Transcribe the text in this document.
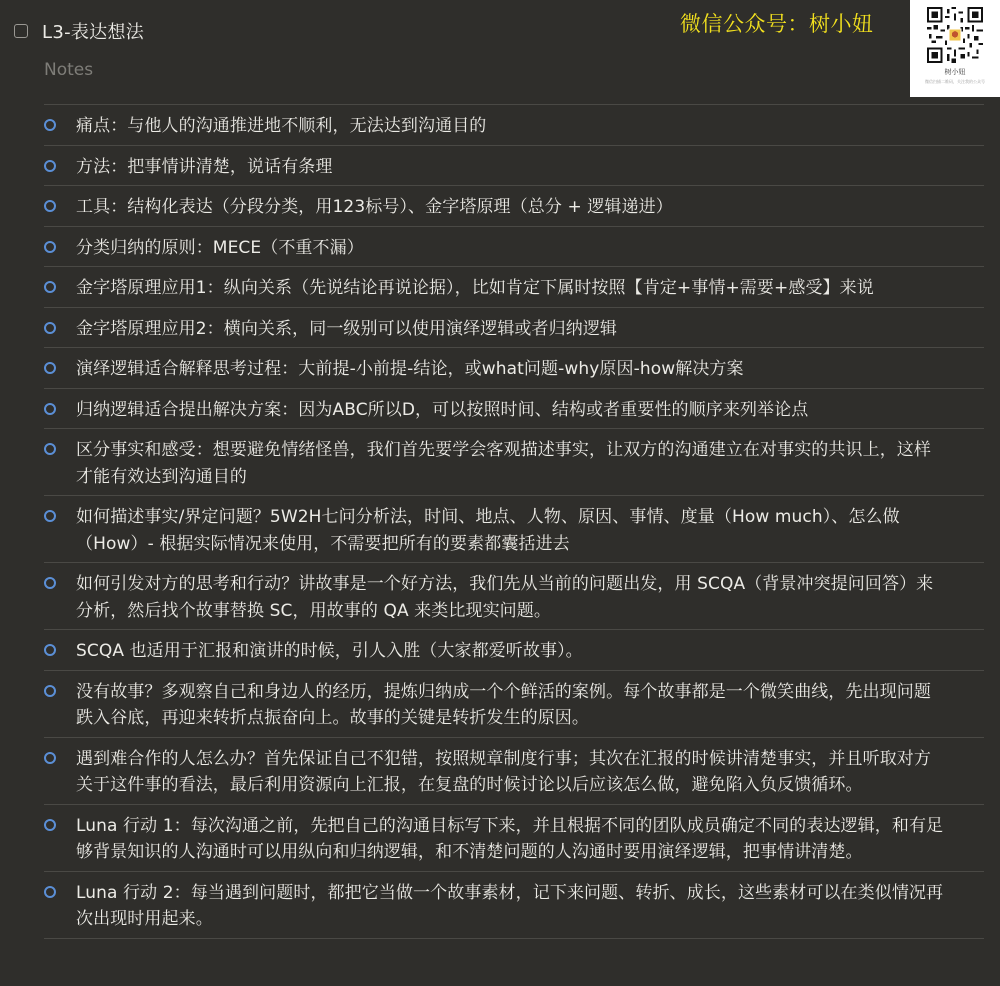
L3-表达想法
Notes
微信公众号：树小妞
树小妞
微信扫描二维码，关注我的公众号
痛点：与他人的沟通推进地不顺利，无法达到沟通目的
方法：把事情讲清楚，说话有条理
工具：结构化表达（分段分类，用123标号）、金字塔原理（总分 + 逻辑递进）
分类归纳的原则：MECE（不重不漏）
金字塔原理应用1：纵向关系（先说结论再说论据），比如肯定下属时按照【肯定+事情+需要+感受】来说
金字塔原理应用2：横向关系，同一级别可以使用演绎逻辑或者归纳逻辑
演绎逻辑适合解释思考过程：大前提-小前提-结论，或what问题-why原因-how解决方案
归纳逻辑适合提出解决方案：因为ABC所以D，可以按照时间、结构或者重要性的顺序来列举论点
区分事实和感受：想要避免情绪怪兽，我们首先要学会客观描述事实，让双方的沟通建立在对事实的共识上，这样才能有效达到沟通目的
如何描述事实/界定问题？5W2H七问分析法，时间、地点、人物、原因、事情、度量（How much）、怎么做（How）- 根据实际情况来使用，不需要把所有的要素都囊括进去
如何引发对方的思考和行动？讲故事是一个好方法，我们先从当前的问题出发，用 SCQA（背景冲突提问回答）来分析，然后找个故事替换 SC，用故事的 QA 来类比现实问题。
SCQA 也适用于汇报和演讲的时候，引人入胜（大家都爱听故事）。
没有故事？多观察自己和身边人的经历，提炼归纳成一个个鲜活的案例。每个故事都是一个微笑曲线，先出现问题跌入谷底，再迎来转折点振奋向上。故事的关键是转折发生的原因。
遇到难合作的人怎么办？首先保证自己不犯错，按照规章制度行事；其次在汇报的时候讲清楚事实，并且听取对方关于这件事的看法，最后利用资源向上汇报，在复盘的时候讨论以后应该怎么做，避免陷入负反馈循环。
Luna 行动 1：每次沟通之前，先把自己的沟通目标写下来，并且根据不同的团队成员确定不同的表达逻辑，和有足够背景知识的人沟通时可以用纵向和归纳逻辑，和不清楚问题的人沟通时要用演绎逻辑，把事情讲清楚。
Luna 行动 2：每当遇到问题时，都把它当做一个故事素材，记下来问题、转折、成长，这些素材可以在类似情况再次出现时用起来。
